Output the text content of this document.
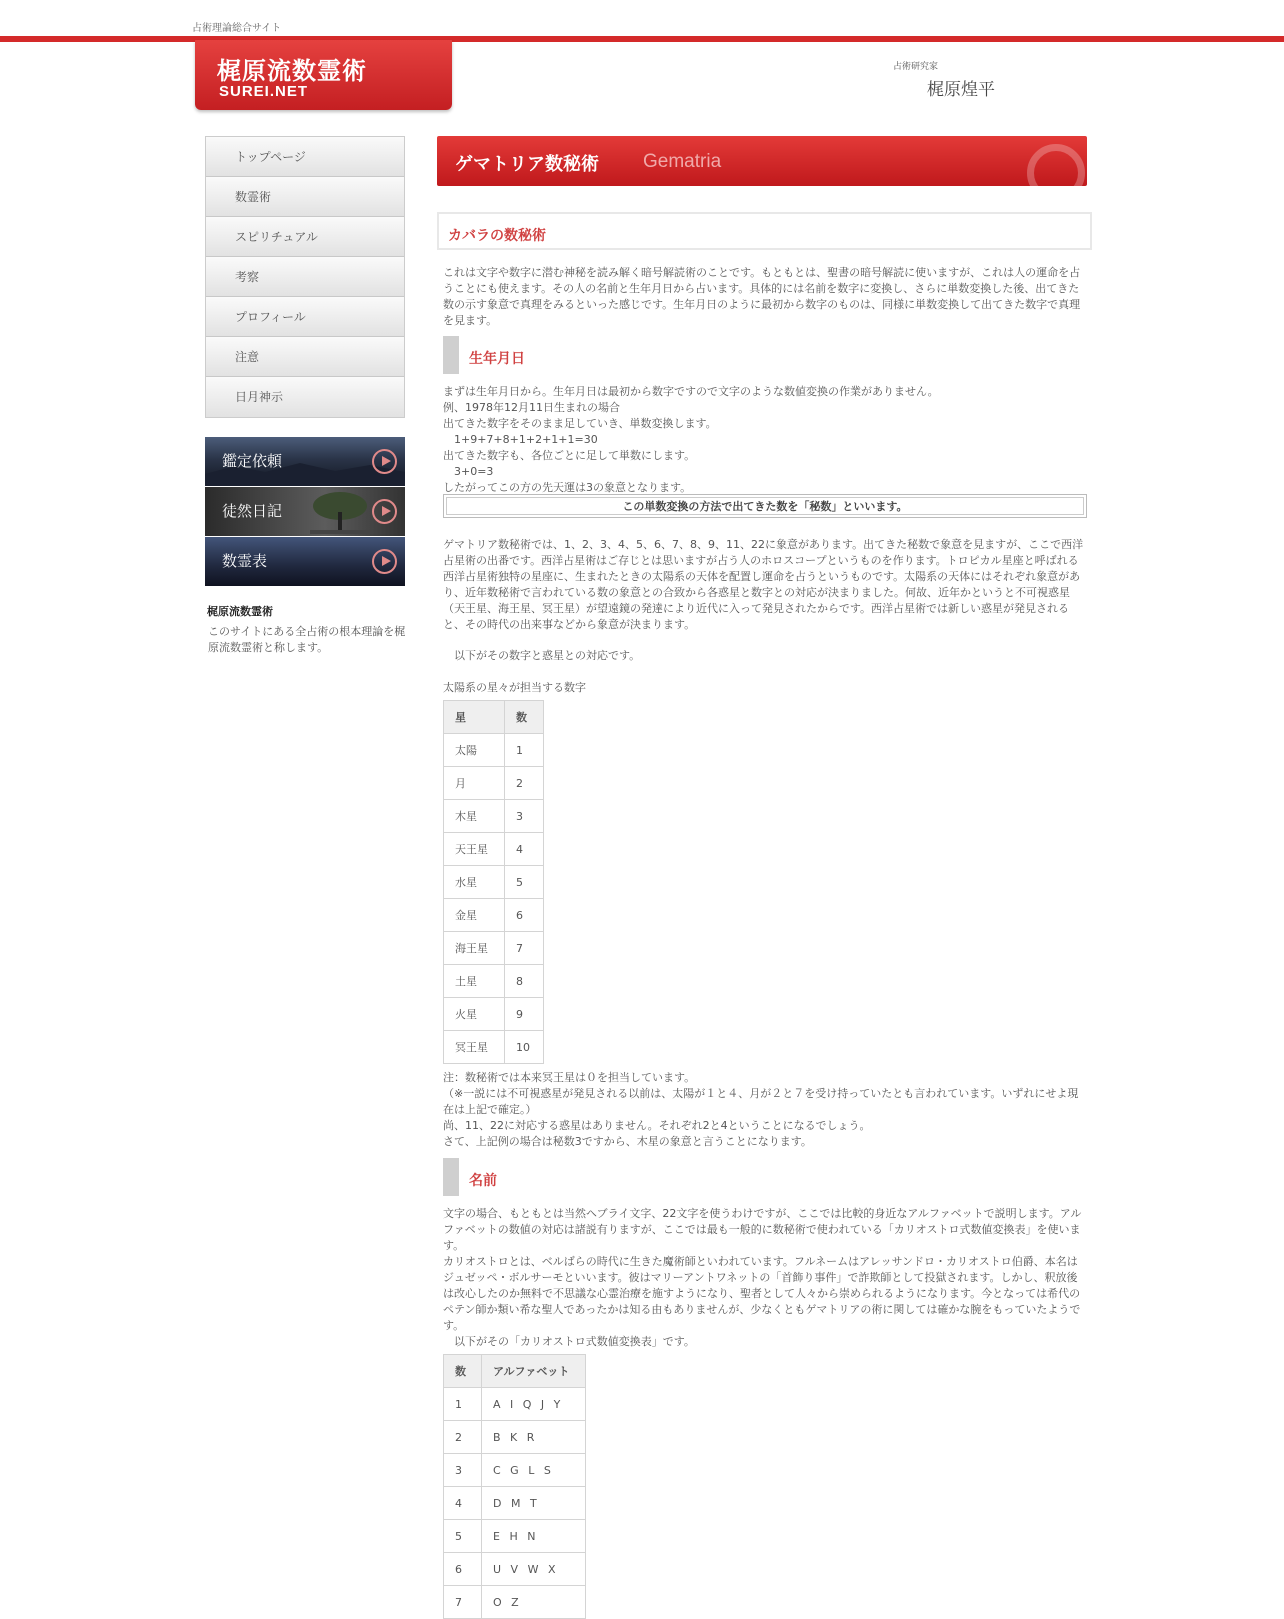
占術理論総合サイト
梶原流数霊術
SUREI.NET
占術研究家
梶原煌平
トップページ
数霊術
スピリチュアル
考察
プロフィール
注意
日月神示
鑑定依頼
徒然日記
数霊表
梶原流数霊術
このサイトにある全占術の根本理論を梶原流数霊術と称します。
ゲマトリア数秘術 Gematria
カバラの数秘術
これは文字や数字に潜む神秘を読み解く暗号解読術のことです。もともとは、聖書の暗号解読に使いますが、これは人の運命を占うことにも使えます。その人の名前と生年月日から占います。具体的には名前を数字に変換し、さらに単数変換した後、出てきた数の示す象意で真理をみるといった感じです。生年月日のように最初から数字のものは、同様に単数変換して出てきた数字で真理を見ます。
生年月日
まずは生年月日から。生年月日は最初から数字ですので文字のような数値変換の作業がありません。
例、1978年12月11日生まれの場合
出てきた数字をそのまま足していき、単数変換します。
　1+9+7+8+1+2+1+1=30
出てきた数字も、各位ごとに足して単数にします。
　3+0=3
したがってこの方の先天運は3の象意となります。
この単数変換の方法で出てきた数を「秘数」といいます。
ゲマトリア数秘術では、1、2、3、4、5、6、7、8、9、11、22に象意があります。出てきた秘数で象意を見ますが、ここで西洋占星術の出番です。西洋占星術はご存じとは思いますが占う人のホロスコープというものを作ります。トロピカル星座と呼ばれる西洋占星術独特の星座に、生まれたときの太陽系の天体を配置し運命を占うというものです。太陽系の天体にはそれぞれ象意があり、近年数秘術で言われている数の象意との合致から各惑星と数字との対応が決まりました。何故、近年かというと不可視惑星（天王星、海王星、冥王星）が望遠鏡の発達により近代に入って発見されたからです。西洋占星術では新しい惑星が発見されると、その時代の出来事などから象意が決まります。
　以下がその数字と惑星との対応です。
太陽系の星々が担当する数字
星	数
太陽	1
月	2
木星	3
天王星	4
水星	5
金星	6
海王星	7
土星	8
火星	9
冥王星	10
注：数秘術では本来冥王星は０を担当しています。
（※一説には不可視惑星が発見される以前は、太陽が１と４、月が２と７を受け持っていたとも言われています。いずれにせよ現在は上記で確定。）
尚、11、22に対応する惑星はありません。それぞれ2と4ということになるでしょう。
さて、上記例の場合は秘数3ですから、木星の象意と言うことになります。
名前
文字の場合、もともとは当然ヘブライ文字、22文字を使うわけですが、ここでは比較的身近なアルファベットで説明します。アルファベットの数値の対応は諸説有りますが、ここでは最も一般的に数秘術で使われている「カリオストロ式数値変換表」を使います。
カリオストロとは、ベルばらの時代に生きた魔術師といわれています。フルネームはアレッサンドロ・カリオストロ伯爵、本名はジュゼッペ・ボルサーモといいます。彼はマリーアントワネットの「首飾り事件」で詐欺師として投獄されます。しかし、釈放後は改心したのか無料で不思議な心霊治療を施すようになり、聖者として人々から崇められるようになります。今となっては希代のペテン師か類い希な聖人であったかは知る由もありませんが、少なくともゲマトリアの術に関しては確かな腕をもっていたようです。
　以下がその「カリオストロ式数値変換表」です。
数	アルファベット
1	A I Q J Y
2	B K R
3	C G L S
4	D M T
5	E H N
6	U V W X
7	O Z
